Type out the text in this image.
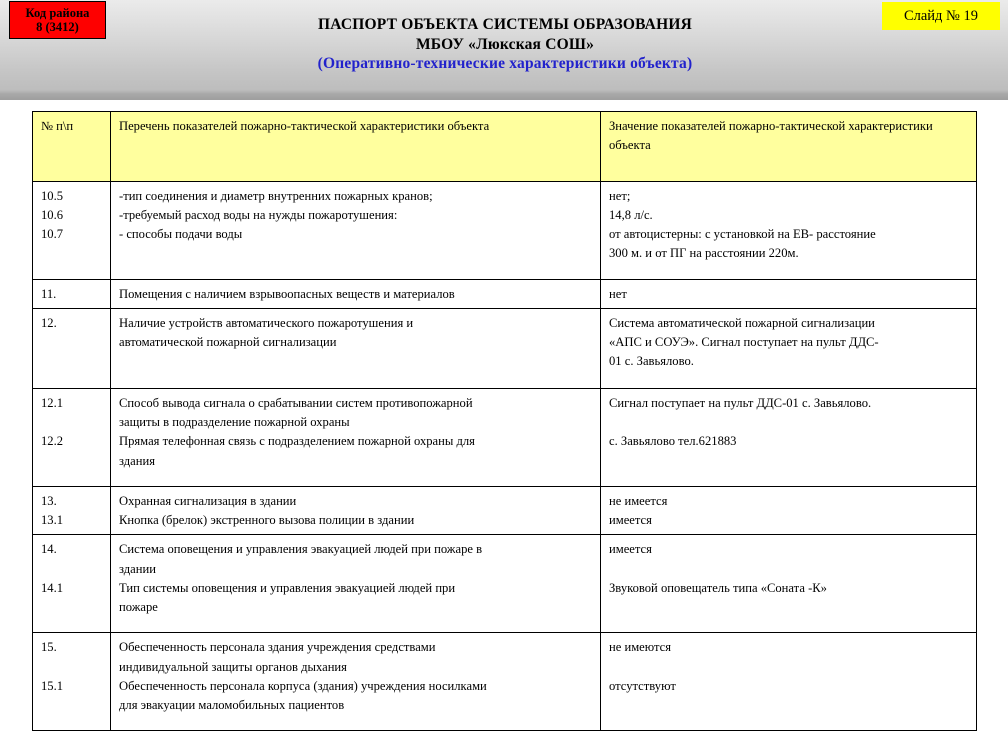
Код района
8 (3412)
Слайд № 19
ПАСПОРТ ОБЪЕКТА СИСТЕМЫ ОБРАЗОВАНИЯ
МБОУ «Люкская СОШ»
(Оперативно-технические характеристики объекта)
№ п\п	Перечень показателей пожарно-тактической характеристики объекта	Значение показателей пожарно-тактической характеристики объекта

10.5
10.6
10.7	-тип соединения и диаметр внутренних пожарных кранов;
-требуемый расход воды на нужды пожаротушения:
- способы подачи воды	нет;
14,8 л/с.
от автоцистерны: с установкой на ЕВ- расстояние
300 м. и от ПГ на расстоянии 220м.

11.	Помещения с наличием взрывоопасных веществ и материалов	нет

12.	Наличие устройств автоматического пожаротушения и
автоматической пожарной сигнализации	Система автоматической пожарной сигнализации
«АПС и СОУЭ». Сигнал поступает на пульт ДДС-
01 с. Завьялово.

12.1

12.2	Способ вывода сигнала о срабатывании систем противопожарной
защиты в подразделение пожарной охраны
Прямая телефонная связь с подразделением пожарной охраны для
здания	Сигнал поступает на пульт ДДС-01 с. Завьялово.

с. Завьялово тел.621883

13.
13.1	Охранная сигнализация в здании
Кнопка (брелок) экстренного вызова полиции в здании	не имеется
имеется

14.

14.1	Система оповещения и управления эвакуацией людей при пожаре в
здании
Тип системы оповещения и управления эвакуацией людей при
пожаре	имеется

Звуковой оповещатель типа «Соната -К»

15.

15.1	Обеспеченность персонала здания учреждения средствами
индивидуальной защиты органов дыхания
Обеспеченность персонала корпуса (здания) учреждения носилками
для эвакуации маломобильных пациентов	не имеются

отсутствуют
